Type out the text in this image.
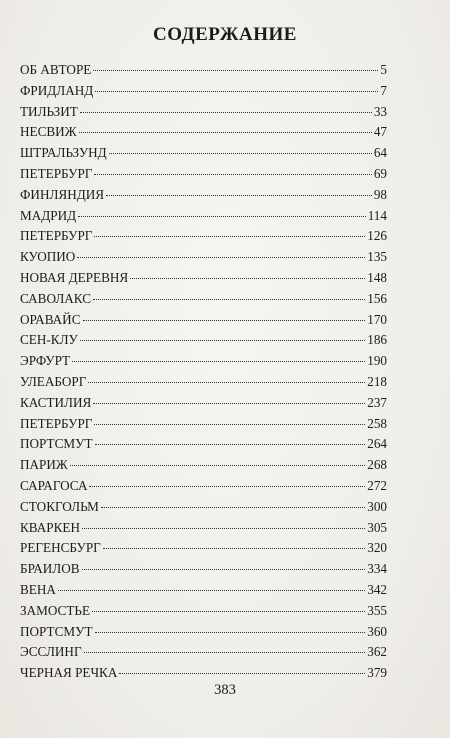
СОДЕРЖАНИЕ
ОБ АВТОРЕ	5
ФРИДЛАНД	7
ТИЛЬЗИТ	33
НЕСВИЖ	47
ШТРАЛЬЗУНД	64
ПЕТЕРБУРГ	69
ФИНЛЯНДИЯ	98
МАДРИД	114
ПЕТЕРБУРГ	126
КУОПИО	135
НОВАЯ ДЕРЕВНЯ	148
САВОЛАКС	156
ОРАВАЙС	170
СЕН-КЛУ	186
ЭРФУРТ	190
УЛЕАБОРГ	218
КАСТИЛИЯ	237
ПЕТЕРБУРГ	258
ПОРТСМУТ	264
ПАРИЖ	268
САРАГОСА	272
СТОКГОЛЬМ	300
КВАРКЕН	305
РЕГЕНСБУРГ	320
БРАИЛОВ	334
ВЕНА	342
ЗАМОСТЬЕ	355
ПОРТСМУТ	360
ЭССЛИНГ	362
ЧЕРНАЯ РЕЧКА	379
383
